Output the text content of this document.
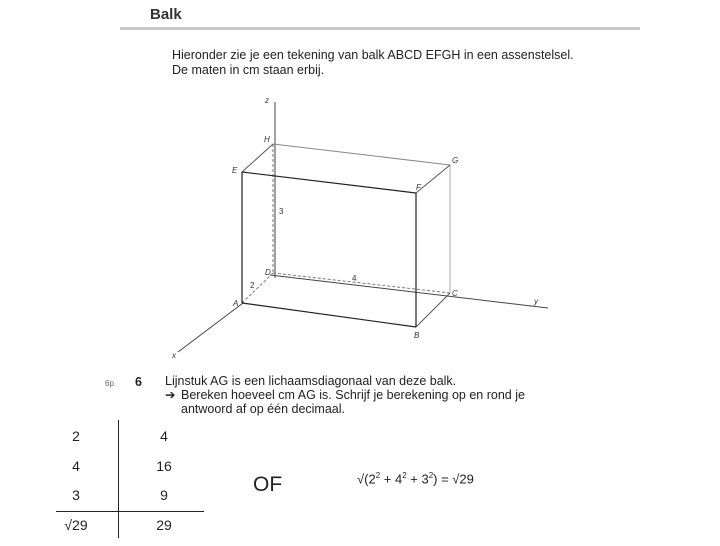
Balk

Hieronder zie je een tekening van balk ABCD EFGH in een assenstelsel.

De maten in cm staan erbij.

A
B
C
D
E
F
G
H
x
y
z
2
4
3
6p 6 Lijnstuk AG is een lichaamsdiagonaal van deze balk.
➔ Bereken hoeveel cm AG is. Schrijf je berekening op en rond je
antwoord af op één decimaal.
2	4
4	16
3	9
√29	29
OF	$√(2^2 + 4^2 + 3^2) = √29$
